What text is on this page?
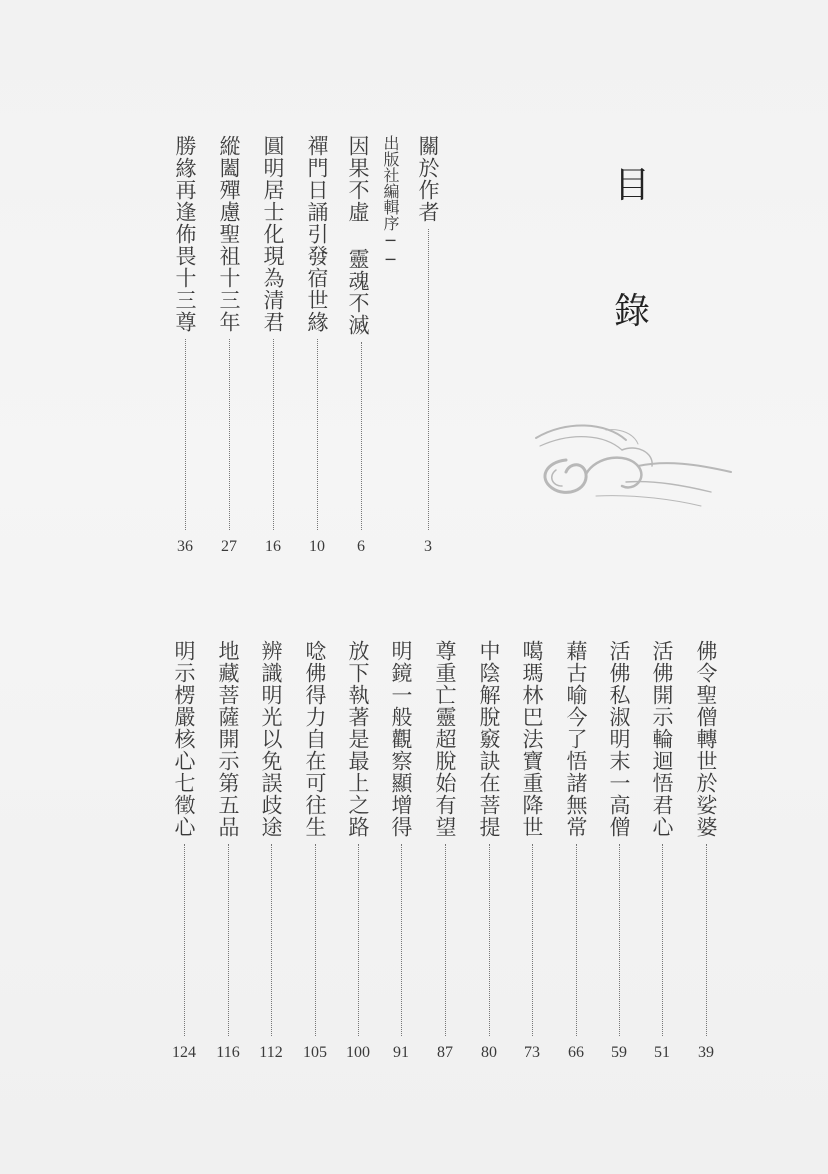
目
錄
關於作者
3
出版社編輯序──
因果不虛 靈魂不滅
6
禪門日誦引發宿世緣
10
圓明居士化現為清君
16
縱闔殫慮聖祖十三年
27
勝緣再逢佈畏十三尊
36
佛令聖僧轉世於娑婆
39
活佛開示輪迴悟君心
51
活佛私淑明末一高僧
59
藉古喻今了悟諸無常
66
噶瑪林巴法寶重降世
73
中陰解脫竅訣在菩提
80
尊重亡靈超脫始有望
87
明鏡一般觀察顯增得
91
放下執著是最上之路
100
唸佛得力自在可往生
105
辨識明光以免誤歧途
112
地藏菩薩開示第五品
116
明示楞嚴核心七徵心
124
